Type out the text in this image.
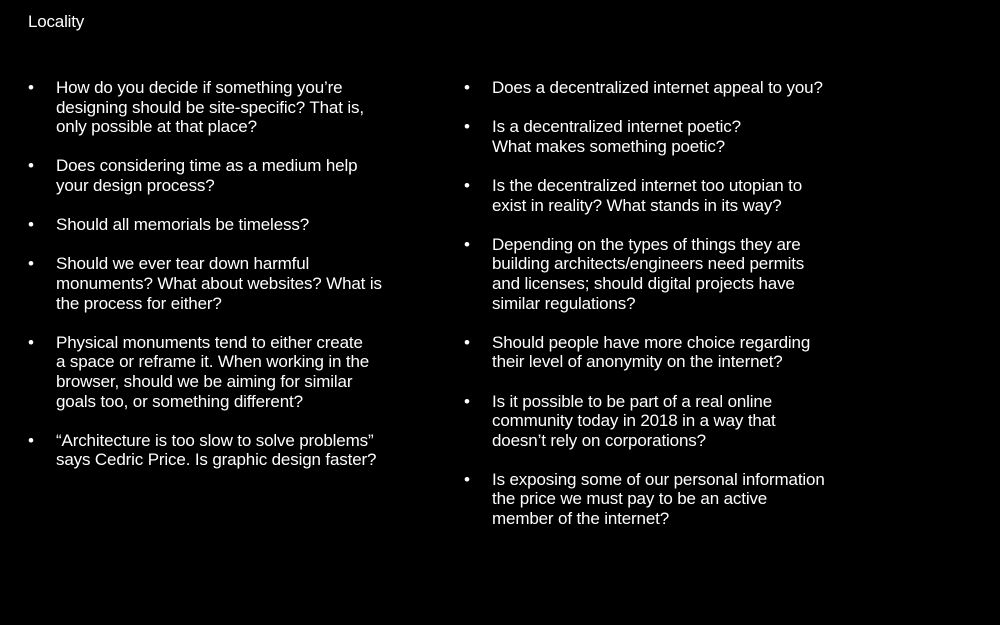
Locality
•	How do you decide if something you’re
designing should be site-specific? That is,
only possible at that place?
•	Does considering time as a medium help
your design process?
•	Should all memorials be timeless?
•	Should we ever tear down harmful
monuments? What about websites? What is
the process for either?
•	Physical monuments tend to either create
a space or reframe it. When working in the
browser, should we be aiming for similar
goals too, or something different?
•	“Architecture is too slow to solve problems”
says Cedric Price. Is graphic design faster?
•	Does a decentralized internet appeal to you?
•	Is a decentralized internet poetic?
What makes something poetic?
•	Is the decentralized internet too utopian to
exist in reality? What stands in its way?
•	Depending on the types of things they are
building architects/engineers need permits
and licenses; should digital projects have
similar regulations?
•	Should people have more choice regarding
their level of anonymity on the internet?
•	Is it possible to be part of a real online
community today in 2018 in a way that
doesn’t rely on corporations?
•	Is exposing some of our personal information
the price we must pay to be an active
member of the internet?
